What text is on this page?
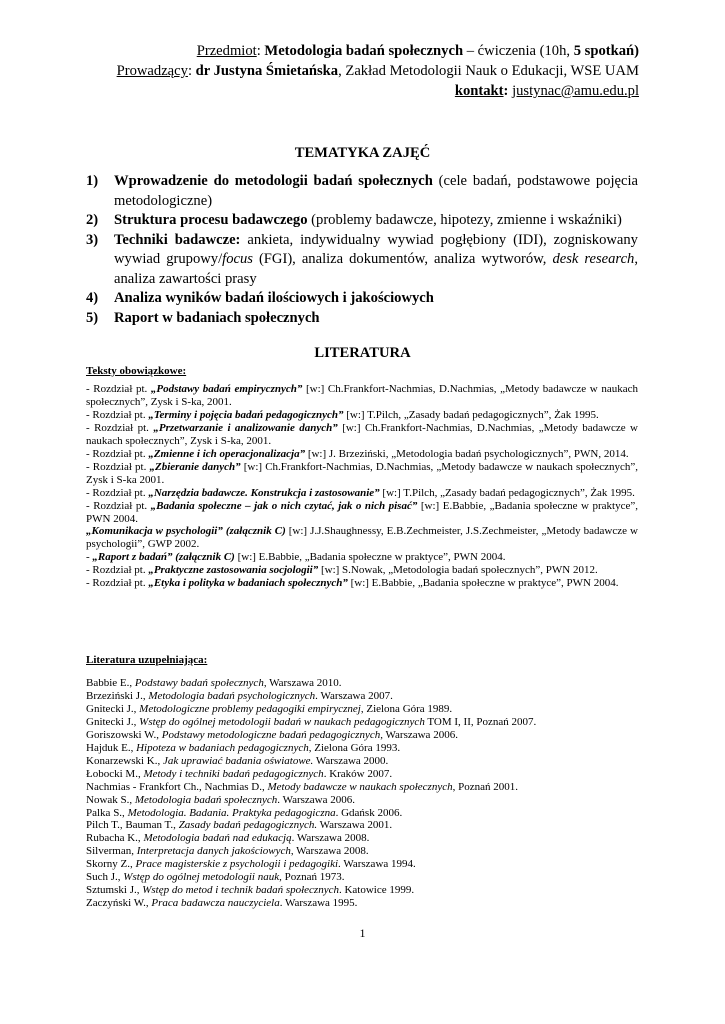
Przedmiot: Metodologia badań społecznych – ćwiczenia (10h, 5 spotkań)
Prowadzący: dr Justyna Śmietańska, Zakład Metodologii Nauk o Edukacji, WSE UAM
kontakt: justynac@amu.edu.pl
TEMATYKA ZAJĘĆ
1) Wprowadzenie do metodologii badań społecznych (cele badań, podstawowe pojęcia metodologiczne)
2) Struktura procesu badawczego (problemy badawcze, hipotezy, zmienne i wskaźniki)
3) Techniki badawcze: ankieta, indywidualny wywiad pogłębiony (IDI), zogniskowany wywiad grupowy/focus (FGI), analiza dokumentów, analiza wytworów, desk research, analiza zawartości prasy
4) Analiza wyników badań ilościowych i jakościowych
5) Raport w badaniach społecznych
LITERATURA
Teksty obowiązkowe:

- Rozdział pt. „Podstawy badań empirycznych” [w:] Ch.Frankfort-Nachmias, D.Nachmias, „Metody badawcze w naukach społecznych”, Zysk i S-ka, 2001.

- Rozdział pt. „Terminy i pojęcia badań pedagogicznych” [w:] T.Pilch, „Zasady badań pedagogicznych”, Żak 1995.

- Rozdział pt. „Przetwarzanie i analizowanie danych” [w:] Ch.Frankfort-Nachmias, D.Nachmias, „Metody badawcze w naukach społecznych”, Zysk i S-ka, 2001.

- Rozdział pt. „Zmienne i ich operacjonalizacja” [w:] J. Brzeziński, „Metodologia badań psychologicznych”, PWN, 2014.

- Rozdział pt. „Zbieranie danych” [w:] Ch.Frankfort-Nachmias, D.Nachmias, „Metody badawcze w naukach społecznych”, Zysk i S-ka 2001.

- Rozdział pt. „Narzędzia badawcze. Konstrukcja i zastosowanie” [w:] T.Pilch, „Zasady badań pedagogicznych”, Żak 1995.

- Rozdział pt. „Badania społeczne – jak o nich czytać, jak o nich pisać” [w:] E.Babbie, „Badania społeczne w praktyce”, PWN 2004.

„Komunikacja w psychologii” (załącznik C) [w:] J.J.Shaughnessy, E.B.Zechmeister, J.S.Zechmeister, „Metody badawcze w psychologii”, GWP 2002.

- „Raport z badań” (załącznik C) [w:] E.Babbie, „Badania społeczne w praktyce”, PWN 2004.

- Rozdział pt. „Praktyczne zastosowania socjologii” [w:] S.Nowak, „Metodologia badań społecznych”, PWN 2012.

- Rozdział pt. „Etyka i polityka w badaniach społecznych” [w:] E.Babbie, „Badania społeczne w praktyce”, PWN 2004.

Literatura uzupełniająca:

Babbie E., Podstawy badań społecznych, Warszawa 2010.

Brzeziński J., Metodologia badań psychologicznych. Warszawa 2007.

Gnitecki J., Metodologiczne problemy pedagogiki empirycznej, Zielona Góra 1989.

Gnitecki J., Wstęp do ogólnej metodologii badań w naukach pedagogicznych TOM I, II, Poznań 2007.

Goriszowski W., Podstawy metodologiczne badań pedagogicznych, Warszawa 2006.

Hajduk E., Hipoteza w badaniach pedagogicznych, Zielona Góra 1993.

Konarzewski K., Jak uprawiać badania oświatowe. Warszawa 2000.

Łobocki M., Metody i techniki badań pedagogicznych. Kraków 2007.

Nachmias - Frankfort Ch., Nachmias D., Metody badawcze w naukach społecznych, Poznań 2001.

Nowak S., Metodologia badań społecznych. Warszawa 2006.

Palka S., Metodologia. Badania. Praktyka pedagogiczna. Gdańsk 2006.

Pilch T., Bauman T., Zasady badań pedagogicznych. Warszawa 2001.

Rubacha K., Metodologia badań nad edukacją. Warszawa 2008.

Silverman, Interpretacja danych jakościowych, Warszawa 2008.

Skorny Z., Prace magisterskie z psychologii i pedagogiki. Warszawa 1994.

Such J., Wstęp do ogólnej metodologii nauk, Poznań 1973.

Sztumski J., Wstęp do metod i technik badań społecznych. Katowice 1999.

Zaczyński W., Praca badawcza nauczyciela. Warszawa 1995.

1
